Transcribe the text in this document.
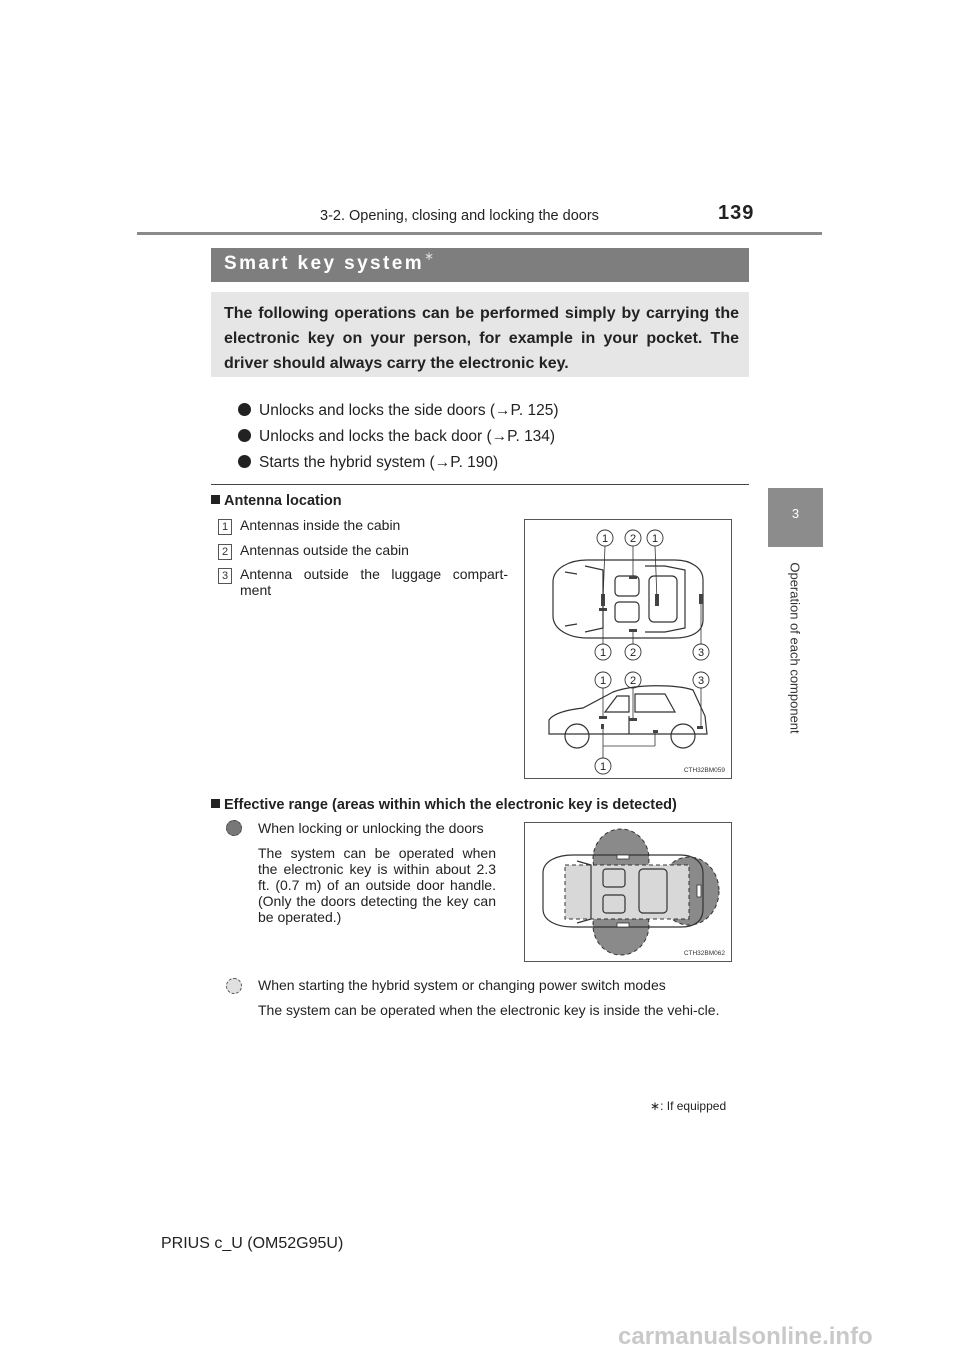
3-2. Opening, closing and locking the doors	139
3
Operation of each component
Smart key system∗
The following operations can be performed simply by carrying the electronic key on your person, for example in your pocket. The driver should always carry the electronic key.
Unlocks and locks the side doors (→P. 125)
Unlocks and locks the back door (→P. 134)
Starts the hybrid system (→P. 190)
Antenna location
1 Antennas inside the cabin
2 Antennas outside the cabin
3 Antenna outside the luggage compart-ment
1 2 1
1 2	3
1 2	3
1	CTH32BM059
Effective range (areas within which the electronic key is detected)
When locking or unlocking the doors
The system can be operated when the electronic key is within about 2.3 ft. (0.7 m) of an outside door handle. (Only the doors detecting the key can be operated.)
CTH32BM062
When starting the hybrid system or changing power switch modes
The system can be operated when the electronic key is inside the vehi-cle.
∗: If equipped
PRIUS c_U (OM52G95U)
carmanualsonline.info
